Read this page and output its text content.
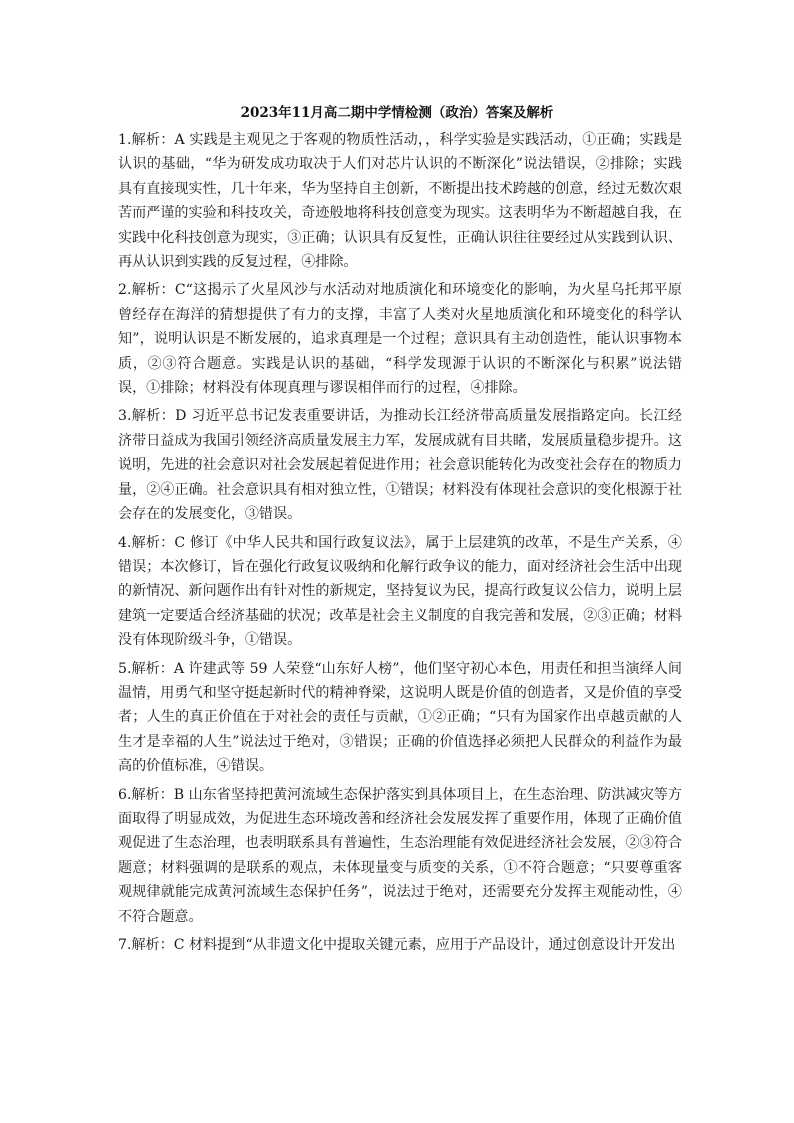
2023年11月高二期中学情检测（政治）答案及解析

1.解析：A 实践是主观见之于客观的物质性活动，，科学实验是实践活动，①正确；实践是认识的基础，“华为研发成功取决于人们对芯片认识的不断深化”说法错误，②排除；实践具有直接现实性，几十年来，华为坚持自主创新，不断提出技术跨越的创意，经过无数次艰苦而严谨的实验和科技攻关，奇迹般地将科技创意变为现实。这表明华为不断超越自我，在实践中化科技创意为现实，③正确；认识具有反复性，正确认识往往要经过从实践到认识、再从认识到实践的反复过程，④排除。

2.解析：C“这揭示了火星风沙与水活动对地质演化和环境变化的影响，为火星乌托邦平原曾经存在海洋的猜想提供了有力的支撑，丰富了人类对火星地质演化和环境变化的科学认知”，说明认识是不断发展的，追求真理是一个过程；意识具有主动创造性，能认识事物本质，②③符合题意。实践是认识的基础，“科学发现源于认识的不断深化与积累”说法错误，①排除；材料没有体现真理与谬误相伴而行的过程，④排除。

3.解析：D 习近平总书记发表重要讲话，为推动长江经济带高质量发展指路定向。长江经济带日益成为我国引领经济高质量发展主力军，发展成就有目共睹，发展质量稳步提升。这说明，先进的社会意识对社会发展起着促进作用；社会意识能转化为改变社会存在的物质力量，②④正确。社会意识具有相对独立性，①错误；材料没有体现社会意识的变化根源于社会存在的发展变化，③错误。

4.解析：C 修订《中华人民共和国行政复议法》，属于上层建筑的改革，不是生产关系，④错误；本次修订，旨在强化行政复议吸纳和化解行政争议的能力，面对经济社会生活中出现的新情况、新问题作出有针对性的新规定，坚持复议为民，提高行政复议公信力，说明上层建筑一定要适合经济基础的状况；改革是社会主义制度的自我完善和发展，②③正确；材料没有体现阶级斗争，①错误。

5.解析：A 许建武等 59 人荣登“山东好人榜”，他们坚守初心本色，用责任和担当演绎人间温情，用勇气和坚守挺起新时代的精神脊梁，这说明人既是价值的创造者，又是价值的享受者；人生的真正价值在于对社会的责任与贡献，①②正确；“只有为国家作出卓越贡献的人生才是幸福的人生”说法过于绝对，③错误；正确的价值选择必须把人民群众的利益作为最高的价值标准，④错误。

6.解析：B 山东省坚持把黄河流域生态保护落实到具体项目上，在生态治理、防洪减灾等方面取得了明显成效，为促进生态环境改善和经济社会发展发挥了重要作用，体现了正确价值观促进了生态治理，也表明联系具有普遍性，生态治理能有效促进经济社会发展，②③符合题意；材料强调的是联系的观点，未体现量变与质变的关系，①不符合题意；“只要尊重客观规律就能完成黄河流域生态保护任务”，说法过于绝对，还需要充分发挥主观能动性，④不符合题意。

7.解析：C 材料提到“从非遗文化中提取关键元素，应用于产品设计，通过创意设计开发出
